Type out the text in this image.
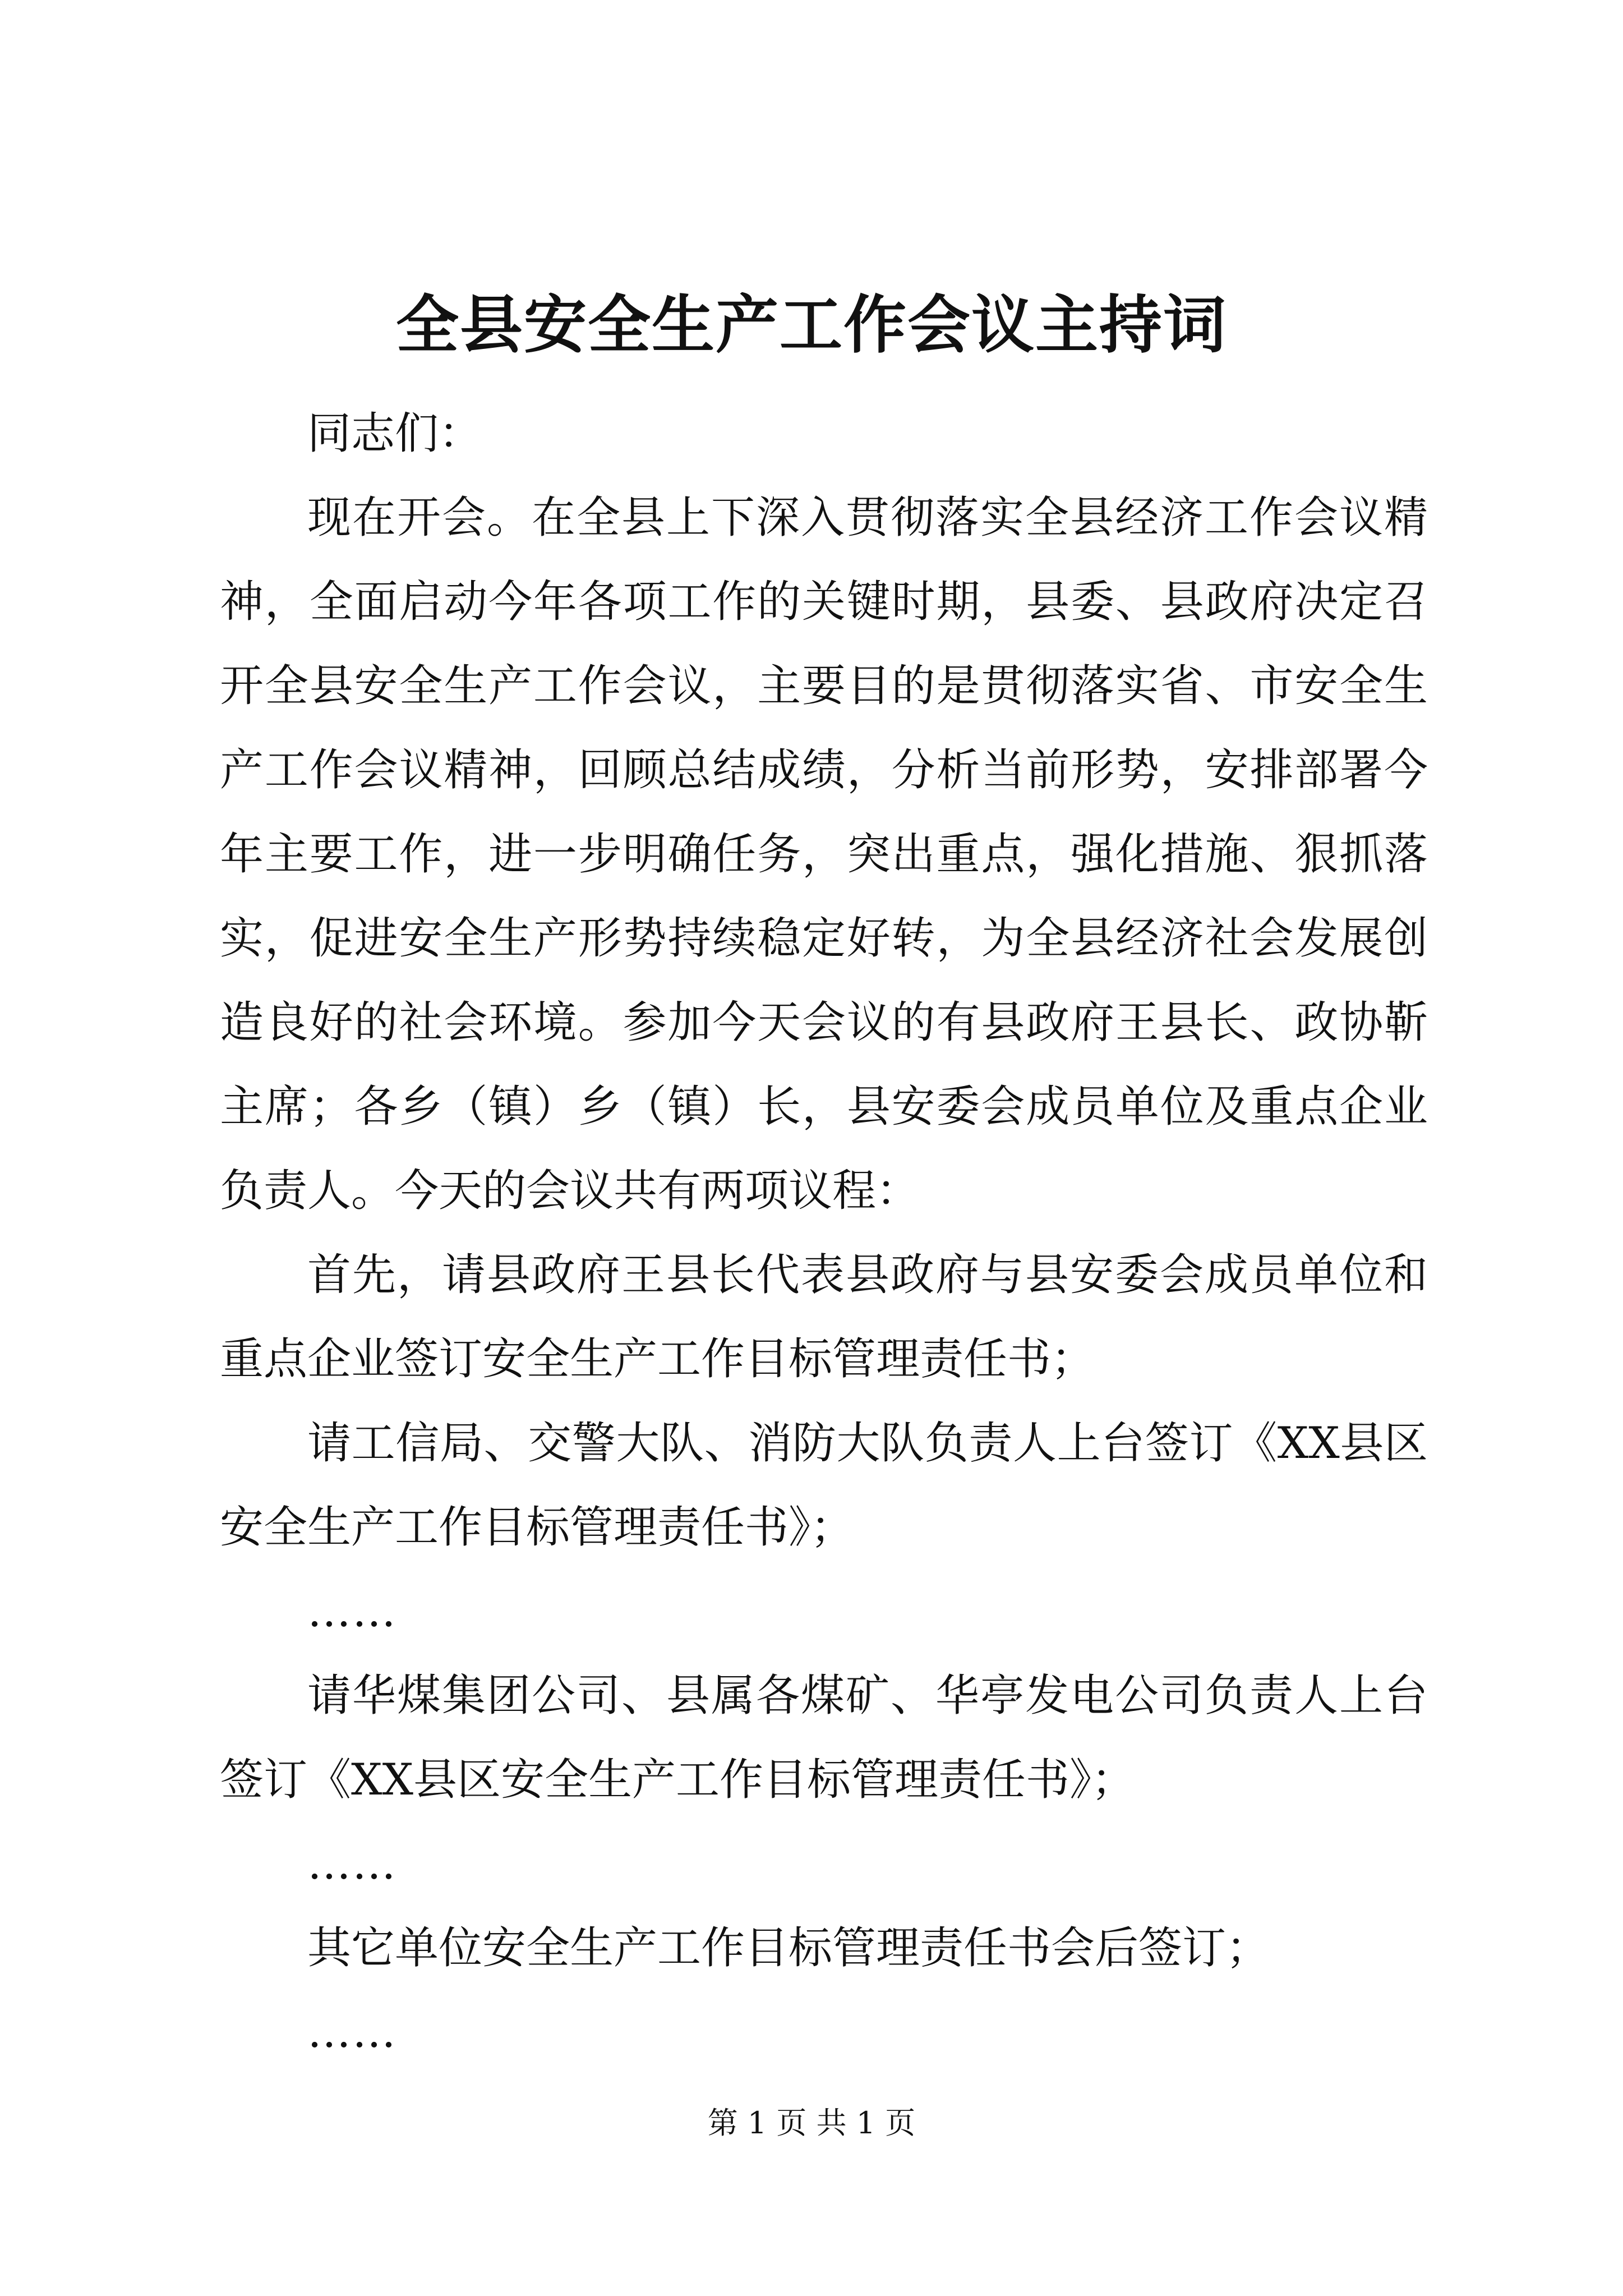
全县安全生产工作会议主持词

同志们：

现在开会。在全县上下深入贯彻落实全县经济工作会议精神，全面启动今年各项工作的关键时期，县委、县政府决定召开全县安全生产工作会议，主要目的是贯彻落实省、市安全生产工作会议精神，回顾总结成绩，分析当前形势，安排部署今年主要工作，进一步明确任务，突出重点，强化措施、狠抓落实，促进安全生产形势持续稳定好转，为全县经济社会发展创造良好的社会环境。参加今天会议的有县政府王县长、政协靳主席；各乡（镇）乡（镇）长，县安委会成员单位及重点企业负责人。今天的会议共有两项议程：

首先，请县政府王县长代表县政府与县安委会成员单位和重点企业签订安全生产工作目标管理责任书；

请工信局、交警大队、消防大队负责人上台签订《XX县区安全生产工作目标管理责任书》；

……

请华煤集团公司、县属各煤矿、华亭发电公司负责人上台签订《XX县区安全生产工作目标管理责任书》；

……

其它单位安全生产工作目标管理责任书会后签订；

……

第 1 页 共 1 页
